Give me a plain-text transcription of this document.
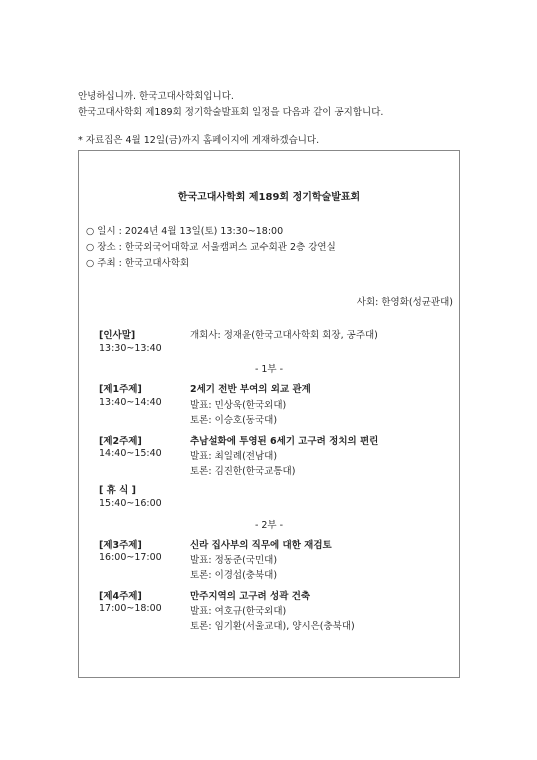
안녕하십니까. 한국고대사학회입니다.
한국고대사학회 제189회 정기학술발표회 일정을 다음과 같이 공지합니다.
* 자료집은 4월 12일(금)까지 홈페이지에 게재하겠습니다.
한국고대사학회 제189회 정기학술발표회
○ 일시 : 2024년 4월 13일(토) 13:30~18:00
○ 장소 : 한국외국어대학교 서울캠퍼스 교수회관 2층 강연실
○ 주최 : 한국고대사학회
사회: 한영화(성균관대)
[인사말]	개회사: 정재윤(한국고대사학회 회장, 공주대)
13:30~13:40
- 1부 -
[제1주제]	2세기 전반 부여의 외교 관계
13:40~14:40	발표: 민상욱(한국외대)
토론: 이승호(동국대)
[제2주제]	추남설화에 투영된 6세기 고구려 정치의 편린
14:40~15:40	발표: 최일례(전남대)
토론: 김진한(한국교통대)
[ 휴 식 ]
15:40~16:00
- 2부 -
[제3주제]	신라 집사부의 직무에 대한 재검토
16:00~17:00	발표: 정동준(국민대)
토론: 이경섭(충북대)
[제4주제]	만주지역의 고구려 성곽 건축
17:00~18:00	발표: 여호규(한국외대)
토론: 임기환(서울교대), 양시은(충북대)
